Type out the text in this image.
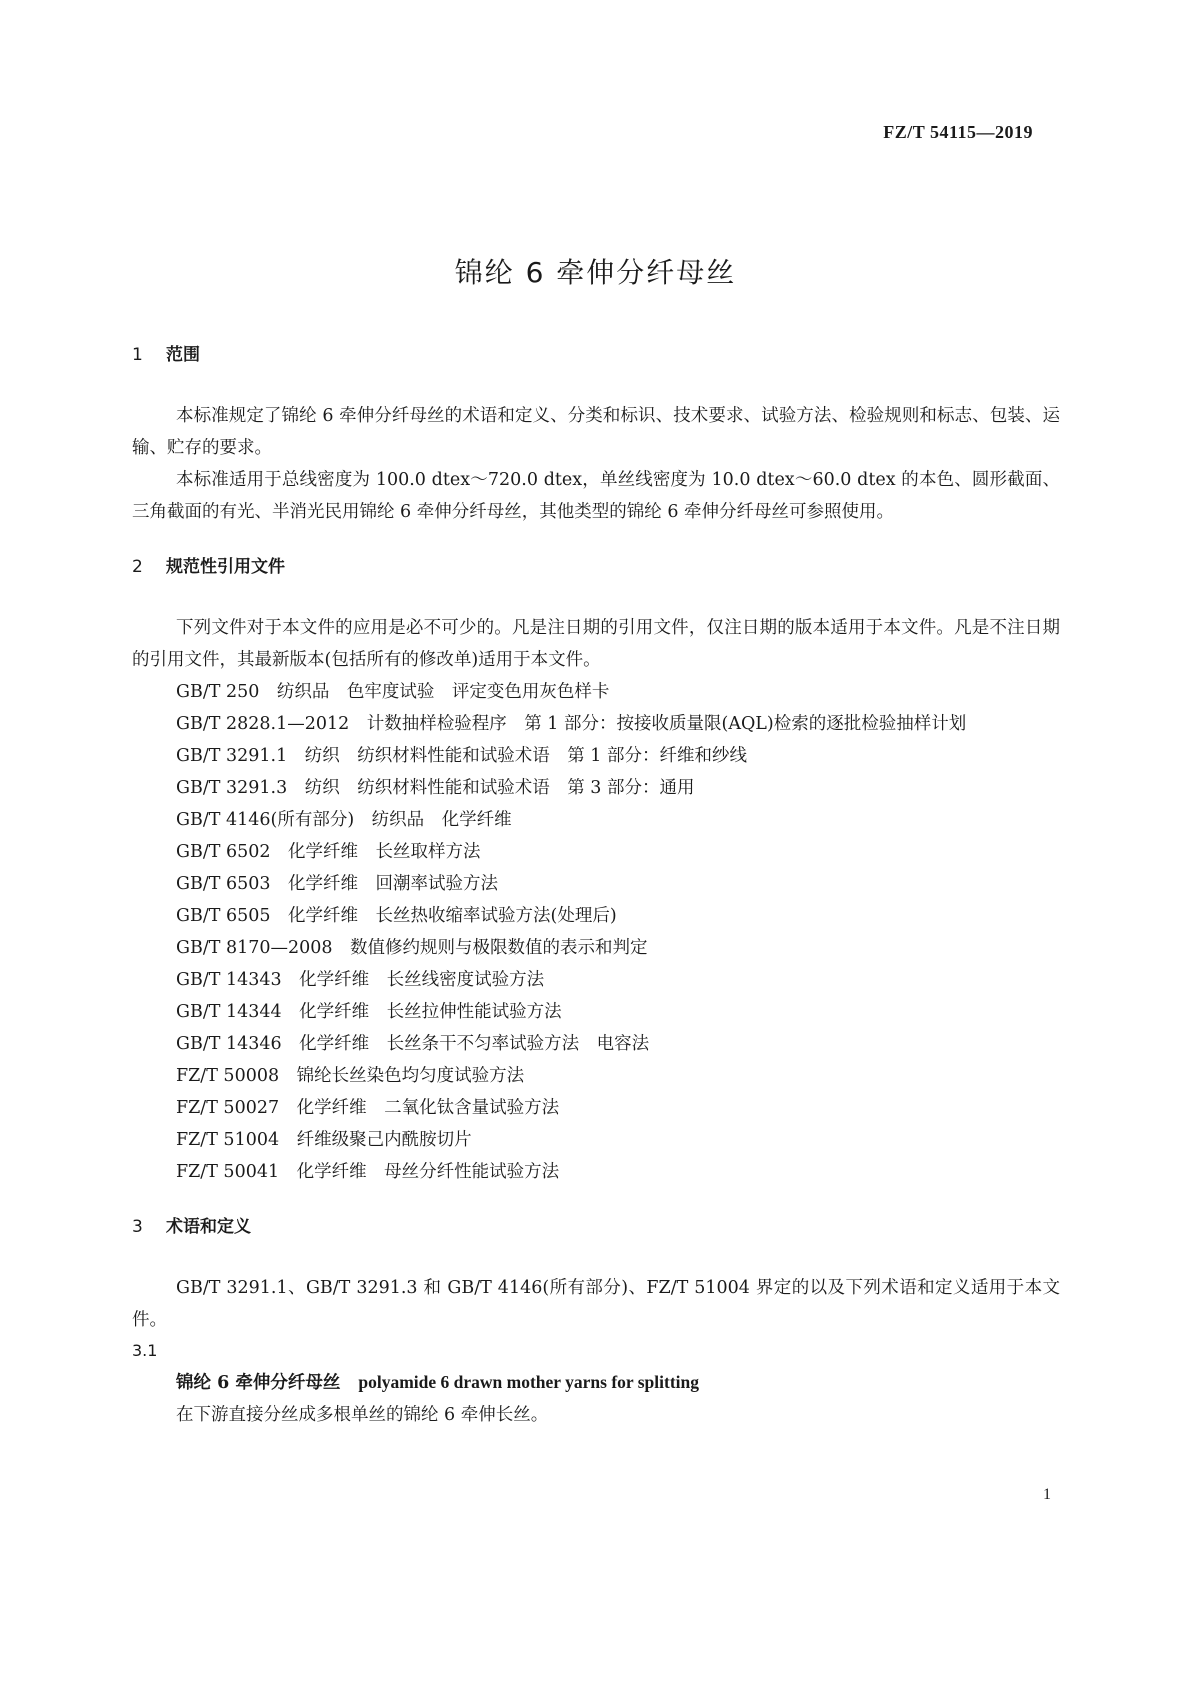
FZ/T 54115—2019
锦纶 6 牵伸分纤母丝

1 范围

本标准规定了锦纶 6 牵伸分纤母丝的术语和定义、分类和标识、技术要求、试验方法、检验规则和标志、包装、运输、贮存的要求。

本标准适用于总线密度为 100.0 dtex～720.0 dtex，单丝线密度为 10.0 dtex～60.0 dtex 的本色、圆形截面、三角截面的有光、半消光民用锦纶 6 牵伸分纤母丝，其他类型的锦纶 6 牵伸分纤母丝可参照使用。

2 规范性引用文件

下列文件对于本文件的应用是必不可少的。凡是注日期的引用文件，仅注日期的版本适用于本文件。凡是不注日期的引用文件，其最新版本(包括所有的修改单)适用于本文件。

GB/T 250　纺织品　色牢度试验　评定变色用灰色样卡
GB/T 2828.1—2012　计数抽样检验程序　第 1 部分：按接收质量限(AQL)检索的逐批检验抽样计划
GB/T 3291.1　纺织　纺织材料性能和试验术语　第 1 部分：纤维和纱线
GB/T 3291.3　纺织　纺织材料性能和试验术语　第 3 部分：通用
GB/T 4146(所有部分)　纺织品　化学纤维
GB/T 6502　化学纤维　长丝取样方法
GB/T 6503　化学纤维　回潮率试验方法
GB/T 6505　化学纤维　长丝热收缩率试验方法(处理后)
GB/T 8170—2008　数值修约规则与极限数值的表示和判定
GB/T 14343　化学纤维　长丝线密度试验方法
GB/T 14344　化学纤维　长丝拉伸性能试验方法
GB/T 14346　化学纤维　长丝条干不匀率试验方法　电容法
FZ/T 50008　锦纶长丝染色均匀度试验方法
FZ/T 50027　化学纤维　二氧化钛含量试验方法
FZ/T 51004　纤维级聚己内酰胺切片
FZ/T 50041　化学纤维　母丝分纤性能试验方法

3 术语和定义

GB/T 3291.1、GB/T 3291.3 和 GB/T 4146(所有部分)、FZ/T 51004 界定的以及下列术语和定义适用于本文件。

3.1
锦纶 6 牵伸分纤母丝 polyamide 6 drawn mother yarns for splitting
在下游直接分丝成多根单丝的锦纶 6 牵伸长丝。
1
